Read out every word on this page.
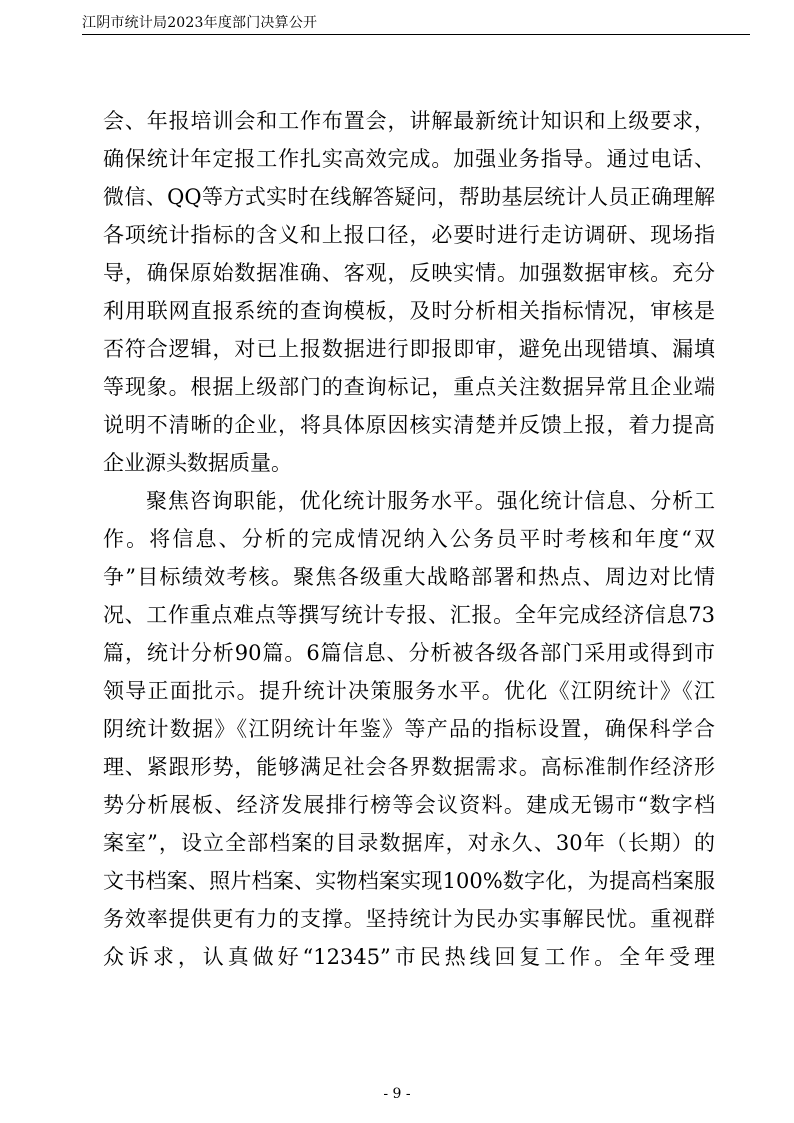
江阴市统计局2023年度部门决算公开
会、年报培训会和工作布置会，讲解最新统计知识和上级要求，
确保统计年定报工作扎实高效完成。加强业务指导。通过电话、
微信、QQ等方式实时在线解答疑问，帮助基层统计人员正确理解
各项统计指标的含义和上报口径，必要时进行走访调研、现场指
导，确保原始数据准确、客观，反映实情。加强数据审核。充分
利用联网直报系统的查询模板，及时分析相关指标情况，审核是
否符合逻辑，对已上报数据进行即报即审，避免出现错填、漏填
等现象。根据上级部门的查询标记，重点关注数据异常且企业端
说明不清晰的企业，将具体原因核实清楚并反馈上报，着力提高
企业源头数据质量。
聚焦咨询职能，优化统计服务水平。强化统计信息、分析工
作。将信息、分析的完成情况纳入公务员平时考核和年度“双
争”目标绩效考核。聚焦各级重大战略部署和热点、周边对比情
况、工作重点难点等撰写统计专报、汇报。全年完成经济信息73
篇，统计分析90篇。6篇信息、分析被各级各部门采用或得到市
领导正面批示。提升统计决策服务水平。优化《江阴统计》《江
阴统计数据》《江阴统计年鉴》等产品的指标设置，确保科学合
理、紧跟形势，能够满足社会各界数据需求。高标准制作经济形
势分析展板、经济发展排行榜等会议资料。建成无锡市“数字档
案室”，设立全部档案的目录数据库，对永久、30年（长期）的
文书档案、照片档案、实物档案实现100%数字化，为提高档案服
务效率提供更有力的支撑。坚持统计为民办实事解民忧。重视群
众诉求，认真做好“12345”市民热线回复工作。全年受理
- 9 -
